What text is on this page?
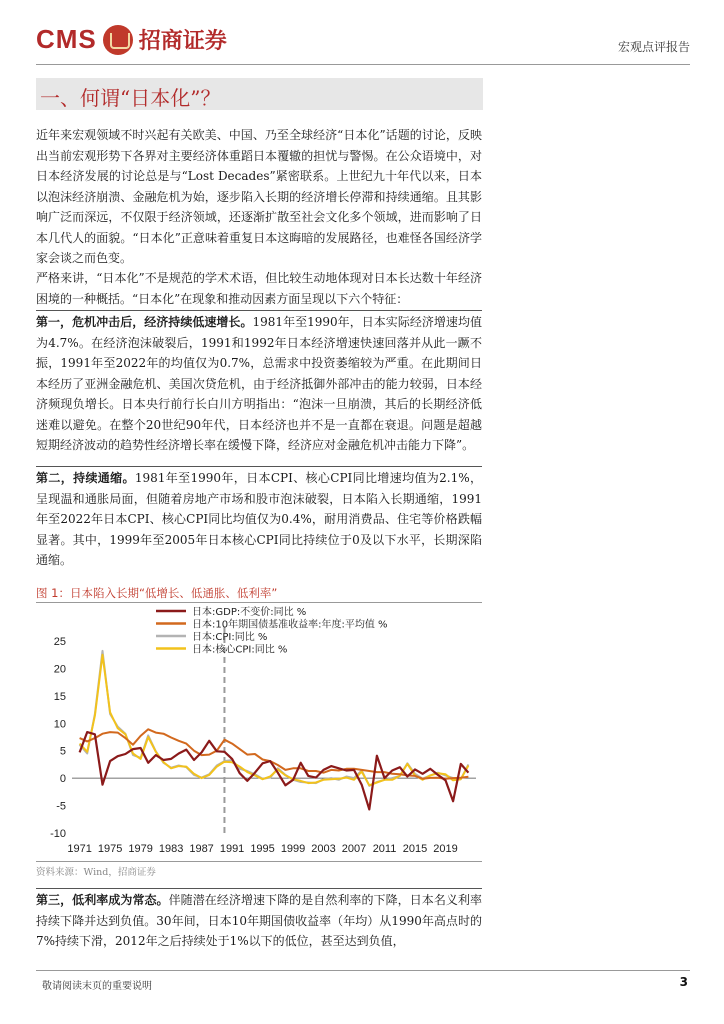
CMS 招商证券	宏观点评报告
一、何谓“日本化”？
近年来宏观领域不时兴起有关欧美、中国、乃至全球经济“日本化”话题的讨论，反映出当前宏观形势下各界对主要经济体重蹈日本覆辙的担忧与警惕。在公众语境中，对日本经济发展的讨论总是与“Lost Decades”紧密联系。上世纪九十年代以来，日本以泡沫经济崩溃、金融危机为始，逐步陷入长期的经济增长停滞和持续通缩。且其影响广泛而深远，不仅限于经济领域，还逐渐扩散至社会文化多个领域，进而影响了日本几代人的面貌。“日本化”正意味着重复日本这晦暗的发展路径，也难怪各国经济学家会谈之而色变。
严格来讲，“日本化”不是规范的学术术语，但比较生动地体现对日本长达数十年经济困境的一种概括。“日本化”在现象和推动因素方面呈现以下六个特征：
第一，危机冲击后，经济持续低速增长。1981年至1990年，日本实际经济增速均值为4.7%。在经济泡沫破裂后，1991和1992年日本经济增速快速回落并从此一蹶不振，1991年至2022年的均值仅为0.7%，总需求中投资萎缩较为严重。在此期间日本经历了亚洲金融危机、美国次贷危机，由于经济抵御外部冲击的能力较弱，日本经济频现负增长。日本央行前行长白川方明指出：“泡沫一旦崩溃，其后的长期经济低迷难以避免。在整个20世纪90年代，日本经济也并不是一直都在衰退。问题是超越短期经济波动的趋势性经济增长率在缓慢下降，经济应对金融危机冲击能力下降”。
第二，持续通缩。1981年至1990年，日本CPI、核心CPI同比增速均值为2.1%，呈现温和通胀局面，但随着房地产市场和股市泡沫破裂，日本陷入长期通缩，1991年至2022年日本CPI、核心CPI同比均值仅为0.4%，耐用消费品、住宅等价格跌幅显著。其中，1999年至2005年日本核心CPI同比持续位于0及以下水平，长期深陷通缩。
图 1：日本陷入长期“低增长、低通胀、低利率”
-10
-5
0
5
10
15
20
25
1971 1975 1979 1983 1987 1991 1995 1999 2003 2007 2011 2015 2019
日本:GDP:不变价:同比 %
日本:10年期国债基准收益率:年度:平均值 %
日本:CPI:同比 %
日本:核心CPI:同比 %
资料来源：Wind，招商证券
第三，低利率成为常态。伴随潜在经济增速下降的是自然利率的下降，日本名义利率持续下降并达到负值。30年间，日本10年期国债收益率（年均）从1990年高点时的7%持续下滑，2012年之后持续处于1%以下的低位，甚至达到负值，
敬请阅读末页的重要说明	3
